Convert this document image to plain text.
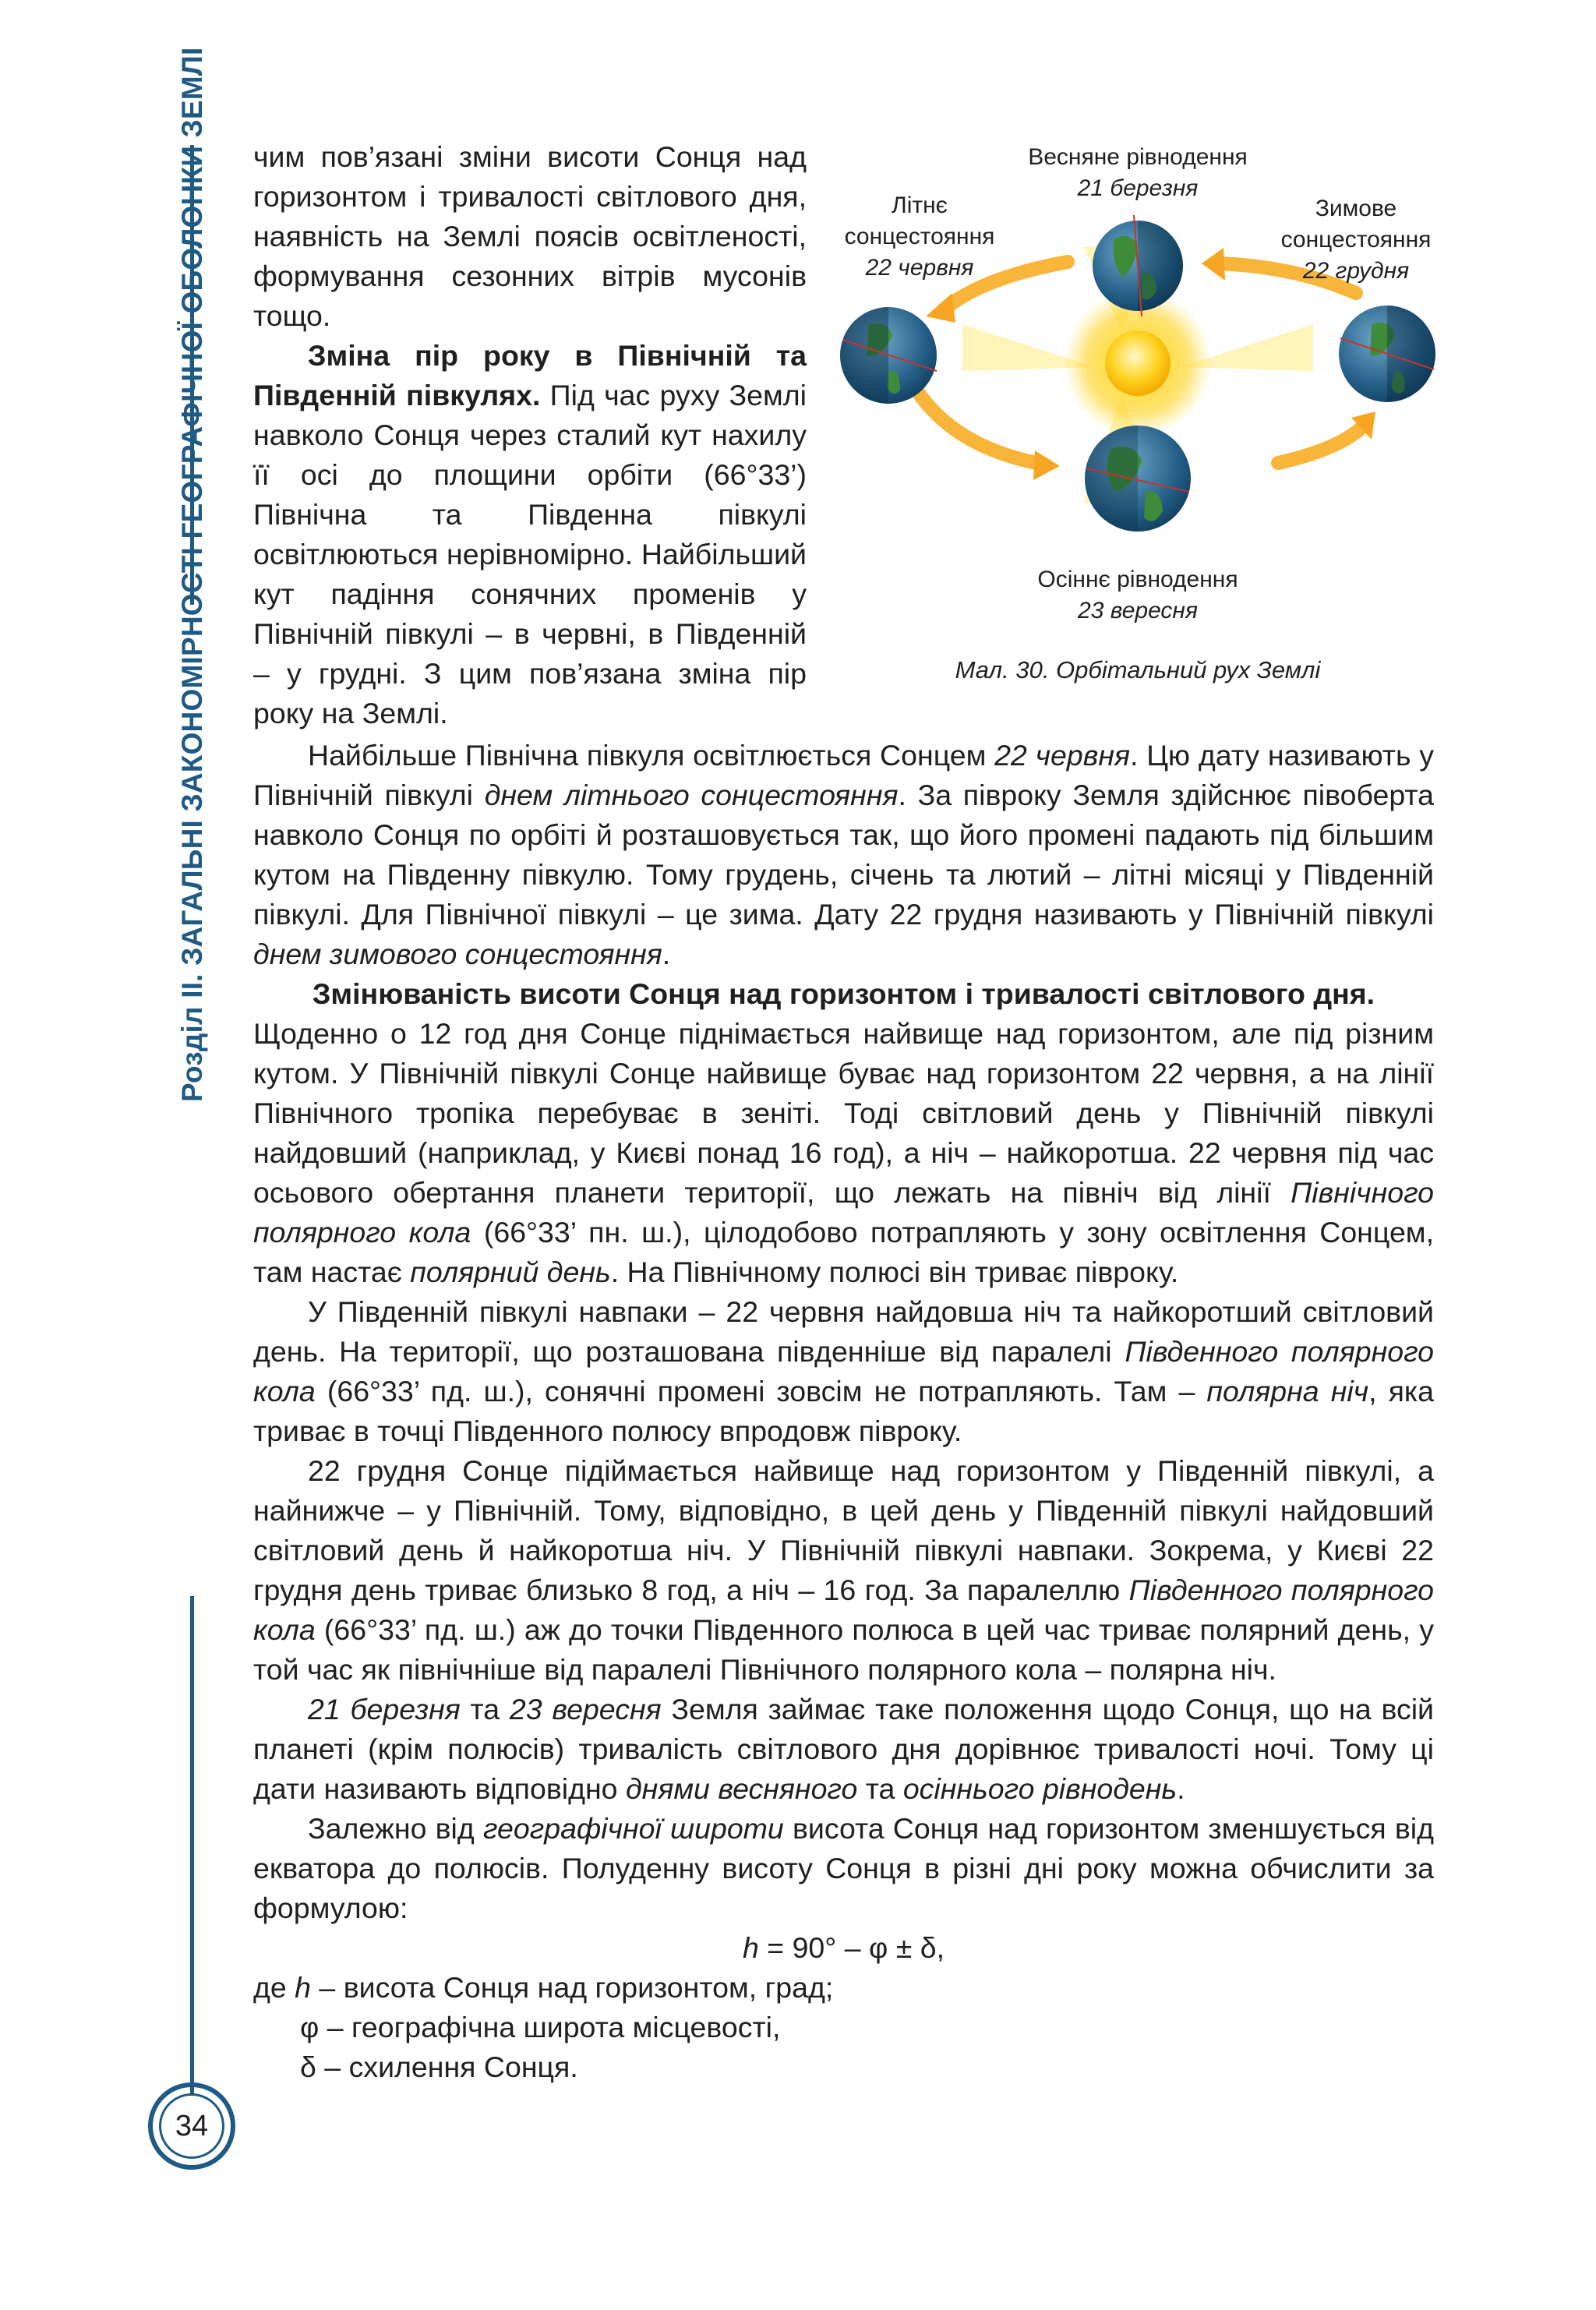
Розділ ІІ. ЗАГАЛЬНІ ЗАКОНОМІРНОСТІ ГЕОГРАФІЧНОЇ ОБОЛОНКИ ЗЕМЛІ
34

чим пов’язані зміни висоти Сонця над горизонтом і тривалості світлового дня, наявність на Землі поясів освітленості, формування сезонних вітрів мусонів тощо.

Зміна пір року в Північній та Південній півкулях. Під час руху Землі навколо Сонця через сталий кут нахилу її осі до площини орбіти (66°33’) Північна та Південна півкулі освітлюються нерівномірно. Найбільший кут падіння сонячних променів у Північній півкулі – в червні, в Південній – у грудні. З цим пов’язана зміна пір року на Землі.

Весняне рівнодення
21 березня
Літнє
сонцестояння
22 червня
Зимове
сонцестояння
22 грудня
Осіннє рівнодення
23 вересня
Мал. 30. Орбітальний рух Землі

Найбільше Північна півкуля освітлюється Сонцем 22 червня. Цю дату називають у Північній півкулі днем літнього сонцестояння. За півроку Земля здійснює півоберта навколо Сонця по орбіті й розташовується так, що його промені падають під більшим кутом на Південну півкулю. Тому грудень, січень та лютий – літні місяці у Південній півкулі. Для Північної півкулі – це зима. Дату 22 грудня називають у Північній півкулі днем зимового сонцестояння.

Змінюваність висоти Сонця над горизонтом і тривалості світлового дня.

Щоденно о 12 год дня Сонце піднімається найвище над горизонтом, але під різним кутом. У Північній півкулі Сонце найвище буває над горизонтом 22 червня, а на лінії Північного тропіка перебуває в зеніті. Тоді світловий день у Північній півкулі найдовший (наприклад, у Києві понад 16 год), а ніч – найкоротша. 22 червня під час осьового обертання планети території, що лежать на північ від лінії Північного полярного кола (66°33’ пн. ш.), цілодобово потрапляють у зону освітлення Сонцем, там настає полярний день. На Північному полюсі він триває півроку.

У Південній півкулі навпаки – 22 червня найдовша ніч та найкоротший світловий день. На території, що розташована південніше від паралелі Південного полярного кола (66°33’ пд. ш.), сонячні промені зовсім не потрапляють. Там – полярна ніч, яка триває в точці Південного полюсу впродовж півроку.

22 грудня Сонце підіймається найвище над горизонтом у Південній півкулі, а найнижче – у Північній. Тому, відповідно, в цей день у Південній півкулі найдовший світловий день й найкоротша ніч. У Північній півкулі навпаки. Зокрема, у Києві 22 грудня день триває близько 8 год, а ніч – 16 год. За паралеллю Південного полярного кола (66°33’ пд. ш.) аж до точки Південного полюса в цей час триває полярний день, у той час як північніше від паралелі Північного полярного кола – полярна ніч.

21 березня та 23 вересня Земля займає таке положення щодо Сонця, що на всій планеті (крім полюсів) тривалість світлового дня дорівнює тривалості ночі. Тому ці дати називають відповідно днями весняного та осіннього рівнодень.

Залежно від географічної широти висота Сонця над горизонтом зменшується від екватора до полюсів. Полуденну висоту Сонця в різні дні року можна обчислити за формулою:

h = 90° – φ ± δ,

де h – висота Сонця над горизонтом, град;

φ – географічна широта місцевості,

δ – схилення Сонця.
